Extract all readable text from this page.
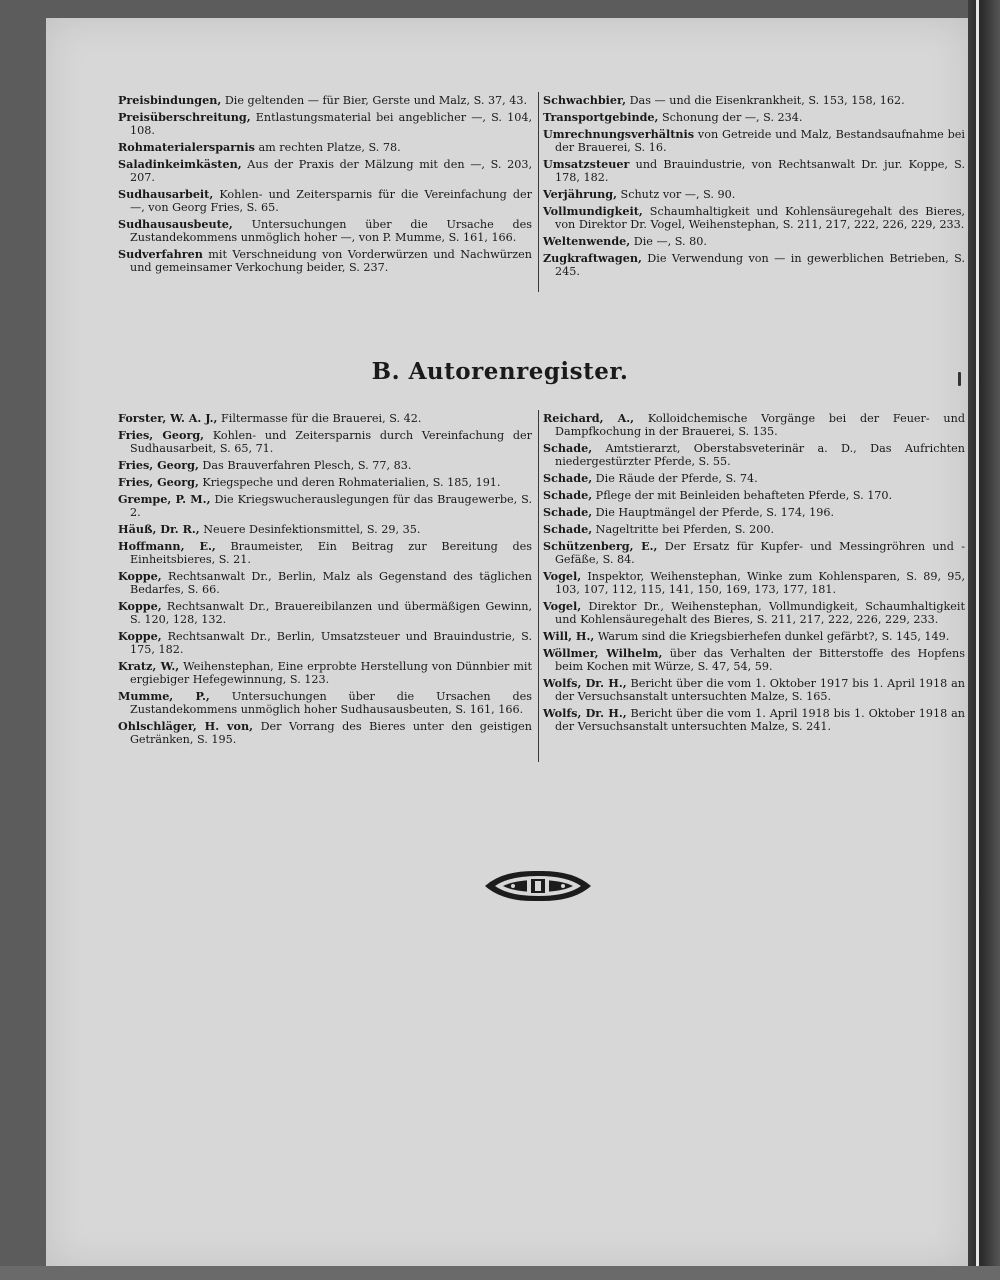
Preisbindungen, Die geltenden — für Bier, Gerste und Malz, S. 37, 43.

Preisüberschreitung, Entlastungsmaterial bei angeblicher —, S. 104, 108.

Rohmaterialersparnis am rechten Platze, S. 78.

Saladinkeimkästen, Aus der Praxis der Mälzung mit den —, S. 203, 207.

Sudhausarbeit, Kohlen- und Zeitersparnis für die Vereinfachung der —, von Georg Fries, S. 65.

Sudhausausbeute, Untersuchungen über die Ursache des Zustandekommens unmöglich hoher —, von P. Mumme, S. 161, 166.

Sudverfahren mit Verschneidung von Vorderwürzen und Nachwürzen und gemeinsamer Verkochung beider, S. 237.

Schwachbier, Das — und die Eisenkrankheit, S. 153, 158, 162.

Transportgebinde, Schonung der —, S. 234.

Umrechnungsverhältnis von Getreide und Malz, Bestandsaufnahme bei der Brauerei, S. 16.

Umsatzsteuer und Brauindustrie, von Rechtsanwalt Dr. jur. Koppe, S. 178, 182.

Verjährung, Schutz vor —, S. 90.

Vollmundigkeit, Schaumhaltigkeit und Kohlensäuregehalt des Bieres, von Direktor Dr. Vogel, Weihenstephan, S. 211, 217, 222, 226, 229, 233.

Weltenwende, Die —, S. 80.

Zugkraftwagen, Die Verwendung von — in gewerblichen Betrieben, S. 245.

B. Autorenregister.

Forster, W. A. J., Filtermasse für die Brauerei, S. 42.

Fries, Georg, Kohlen- und Zeitersparnis durch Vereinfachung der Sudhausarbeit, S. 65, 71.

Fries, Georg, Das Brauverfahren Plesch, S. 77, 83.

Fries, Georg, Kriegspeche und deren Rohmaterialien, S. 185, 191.

Grempe, P. M., Die Kriegswucherauslegungen für das Braugewerbe, S. 2.

Häuß, Dr. R., Neuere Desinfektionsmittel, S. 29, 35.

Hoffmann, E., Braumeister, Ein Beitrag zur Bereitung des Einheitsbieres, S. 21.

Koppe, Rechtsanwalt Dr., Berlin, Malz als Gegenstand des täglichen Bedarfes, S. 66.

Koppe, Rechtsanwalt Dr., Brauereibilanzen und übermäßigen Gewinn, S. 120, 128, 132.

Koppe, Rechtsanwalt Dr., Berlin, Umsatzsteuer und Brauindustrie, S. 175, 182.

Kratz, W., Weihenstephan, Eine erprobte Herstellung von Dünnbier mit ergiebiger Hefegewinnung, S. 123.

Mumme, P., Untersuchungen über die Ursachen des Zustandekommens unmöglich hoher Sudhausausbeuten, S. 161, 166.

Ohlschläger, H. von, Der Vorrang des Bieres unter den geistigen Getränken, S. 195.

Reichard, A., Kolloidchemische Vorgänge bei der Feuer- und Dampfkochung in der Brauerei, S. 135.

Schade, Amtstierarzt, Oberstabsveterinär a. D., Das Aufrichten niedergestürzter Pferde, S. 55.

Schade, Die Räude der Pferde, S. 74.

Schade, Pflege der mit Beinleiden behafteten Pferde, S. 170.

Schade, Die Hauptmängel der Pferde, S. 174, 196.

Schade, Nageltritte bei Pferden, S. 200.

Schützenberg, E., Der Ersatz für Kupfer- und Messingröhren und -Gefäße, S. 84.

Vogel, Inspektor, Weihenstephan, Winke zum Kohlensparen, S. 89, 95, 103, 107, 112, 115, 141, 150, 169, 173, 177, 181.

Vogel, Direktor Dr., Weihenstephan, Vollmundigkeit, Schaumhaltigkeit und Kohlensäuregehalt des Bieres, S. 211, 217, 222, 226, 229, 233.

Will, H., Warum sind die Kriegsbierhefen dunkel gefärbt?, S. 145, 149.

Wöllmer, Wilhelm, über das Verhalten der Bitterstoffe des Hopfens beim Kochen mit Würze, S. 47, 54, 59.

Wolfs, Dr. H., Bericht über die vom 1. Oktober 1917 bis 1. April 1918 an der Versuchsanstalt untersuchten Malze, S. 165.

Wolfs, Dr. H., Bericht über die vom 1. April 1918 bis 1. Oktober 1918 an der Versuchsanstalt untersuchten Malze, S. 241.
